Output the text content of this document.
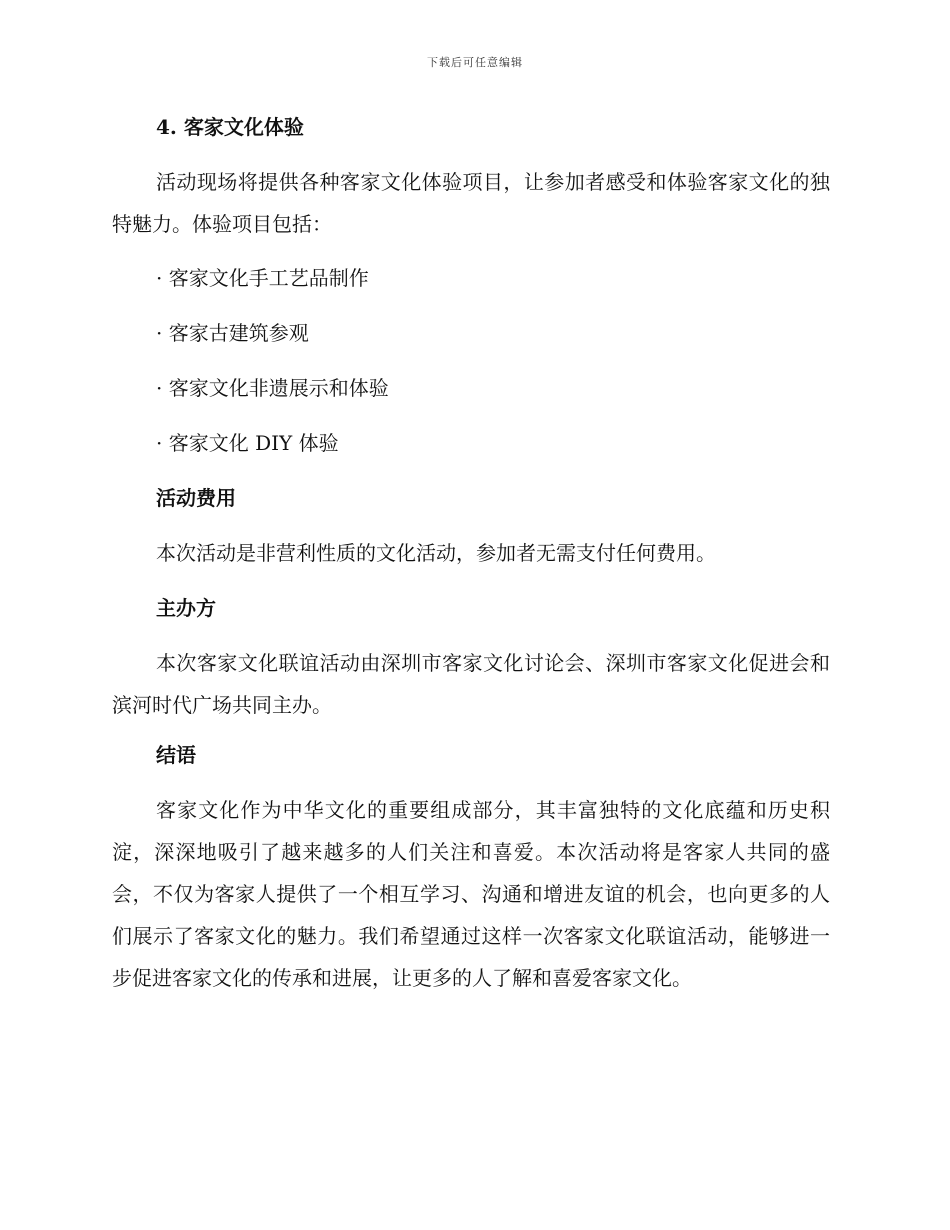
下载后可任意编辑
4. 客家文化体验

活动现场将提供各种客家文化体验项目，让参加者感受和体验客家文化的独特魅力。体验项目包括：

· 客家文化手工艺品制作

· 客家古建筑参观

· 客家文化非遗展示和体验

· 客家文化 DIY 体验

活动费用

本次活动是非营利性质的文化活动，参加者无需支付任何费用。

主办方

本次客家文化联谊活动由深圳市客家文化讨论会、深圳市客家文化促进会和滨河时代广场共同主办。

结语

客家文化作为中华文化的重要组成部分，其丰富独特的文化底蕴和历史积淀，深深地吸引了越来越多的人们关注和喜爱。本次活动将是客家人共同的盛会，不仅为客家人提供了一个相互学习、沟通和增进友谊的机会，也向更多的人们展示了客家文化的魅力。我们希望通过这样一次客家文化联谊活动，能够进一步促进客家文化的传承和进展，让更多的人了解和喜爱客家文化。
